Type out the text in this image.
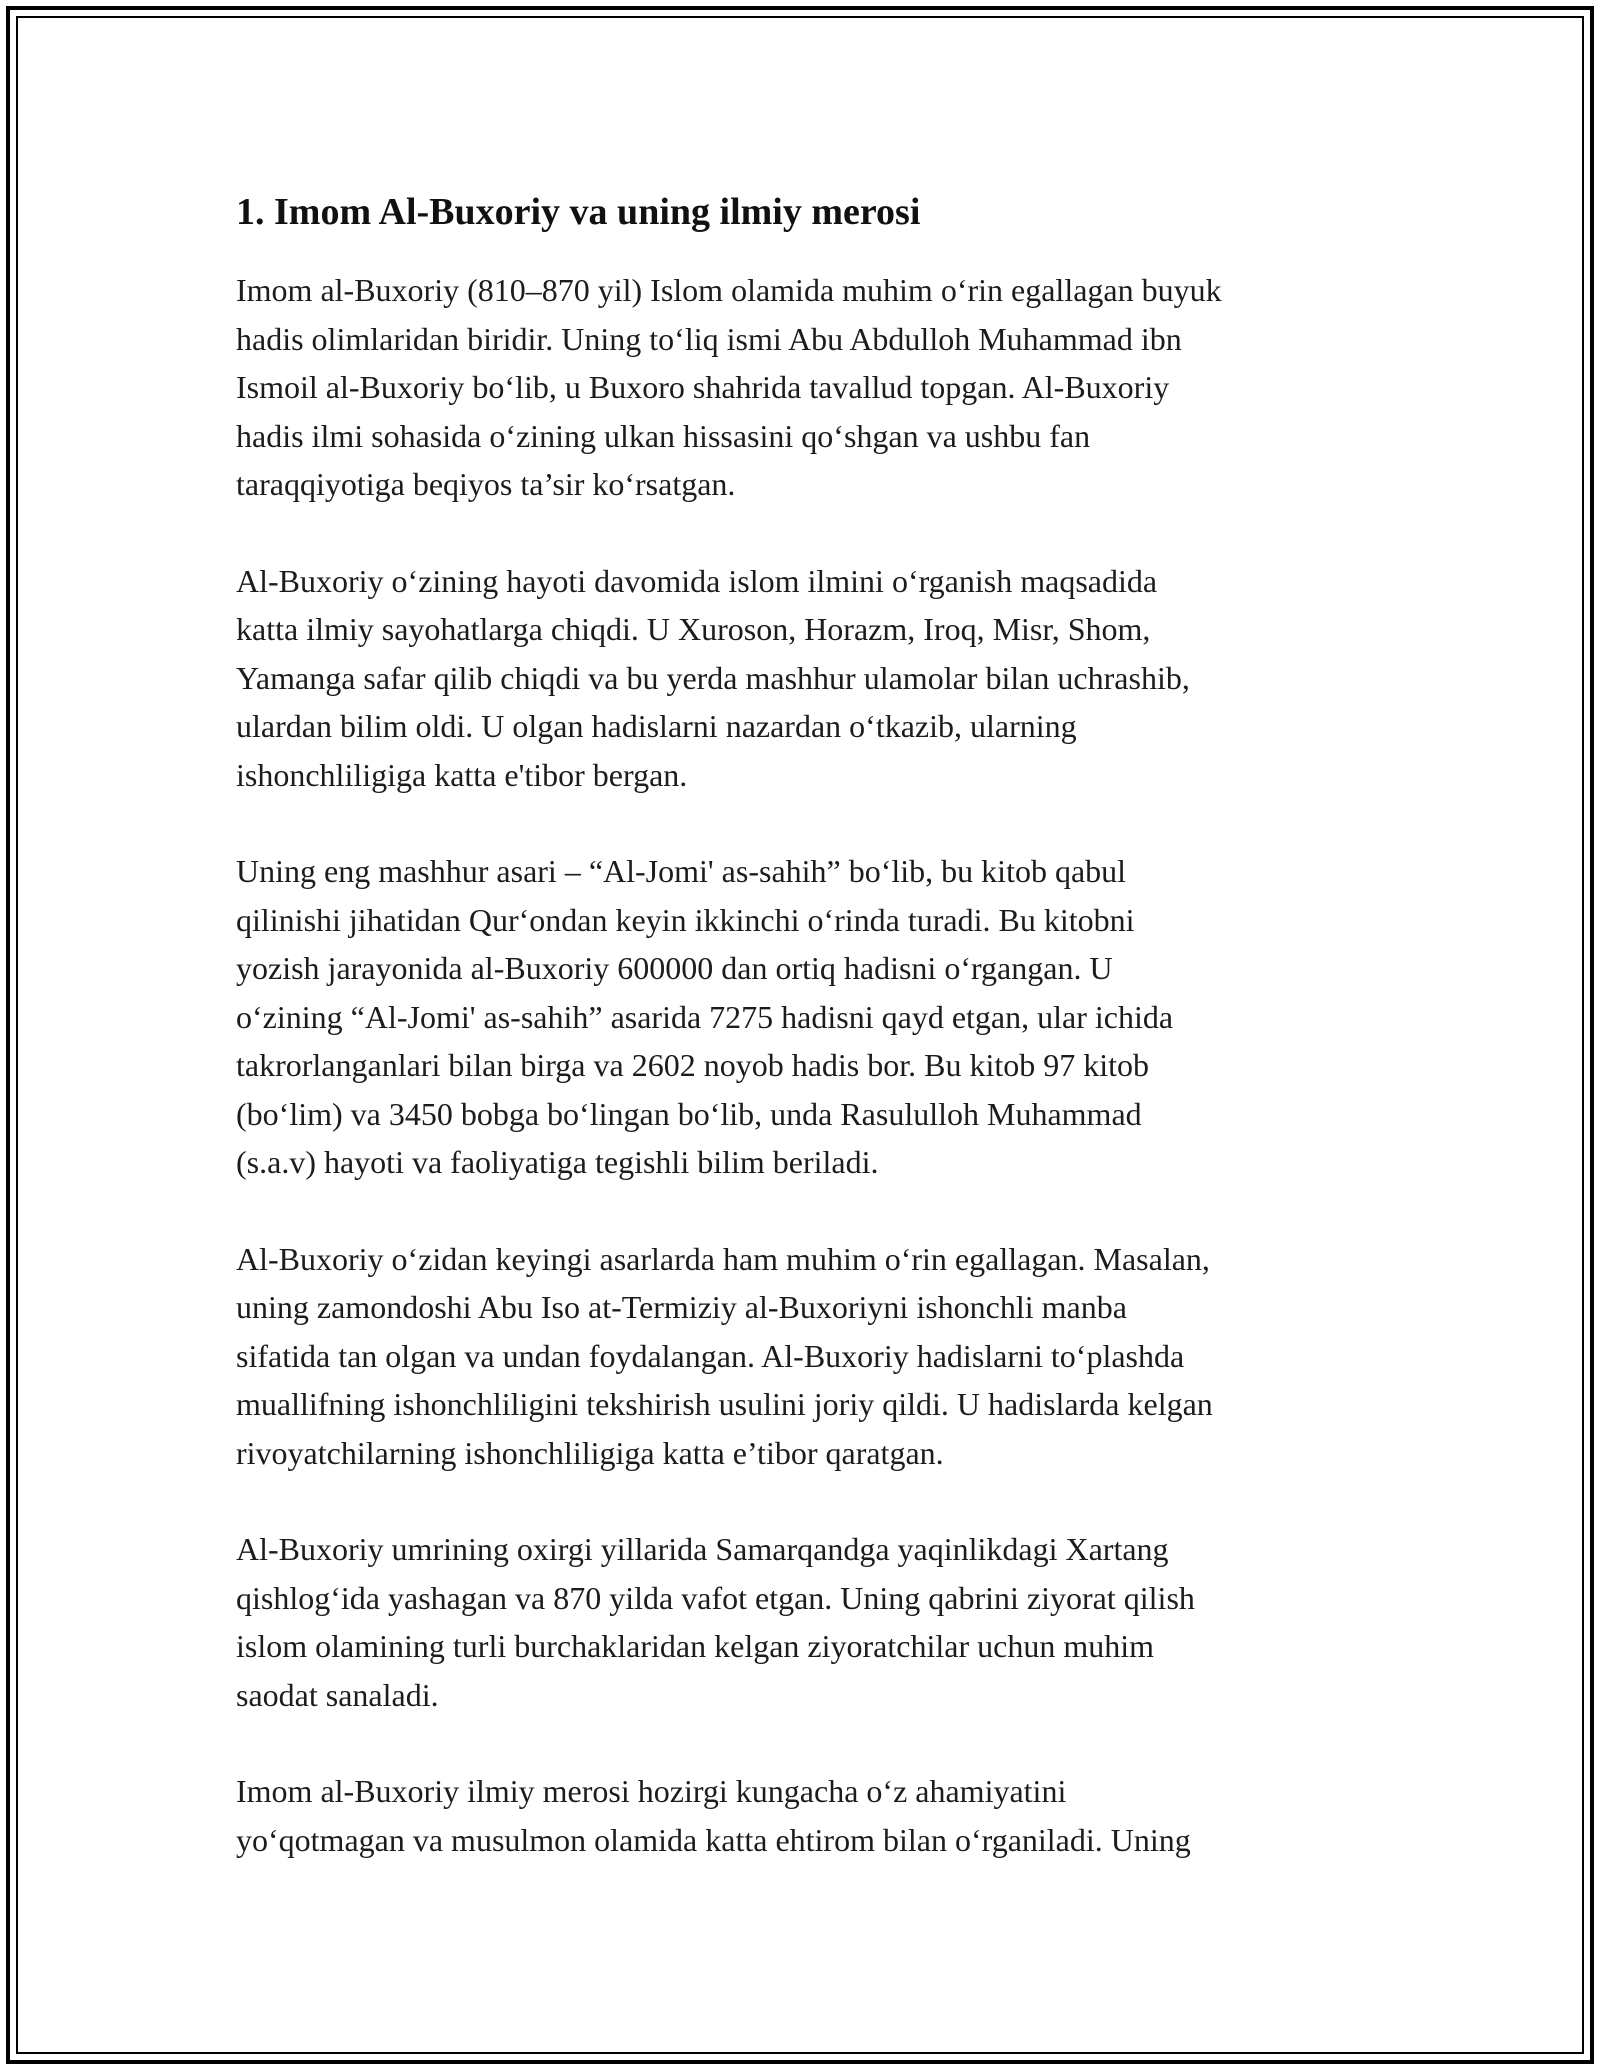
1. Imom Al-Buxoriy va uning ilmiy merosi

Imom al-Buxoriy (810–870 yil) Islom olamida muhim o‘rin egallagan buyuk
hadis olimlaridan biridir. Uning to‘liq ismi Abu Abdulloh Muhammad ibn
Ismoil al-Buxoriy bo‘lib, u Buxoro shahrida tavallud topgan. Al-Buxoriy
hadis ilmi sohasida o‘zining ulkan hissasini qo‘shgan va ushbu fan
taraqqiyotiga beqiyos ta’sir ko‘rsatgan.

Al-Buxoriy o‘zining hayoti davomida islom ilmini o‘rganish maqsadida
katta ilmiy sayohatlarga chiqdi. U Xuroson, Horazm, Iroq, Misr, Shom,
Yamanga safar qilib chiqdi va bu yerda mashhur ulamolar bilan uchrashib,
ulardan bilim oldi. U olgan hadislarni nazardan o‘tkazib, ularning
ishonchliligiga katta e'tibor bergan.

Uning eng mashhur asari – “Al-Jomi' as-sahih” bo‘lib, bu kitob qabul
qilinishi jihatidan Qur‘ondan keyin ikkinchi o‘rinda turadi. Bu kitobni
yozish jarayonida al-Buxoriy 600000 dan ortiq hadisni o‘rgangan. U
o‘zining “Al-Jomi' as-sahih” asarida 7275 hadisni qayd etgan, ular ichida
takrorlanganlari bilan birga va 2602 noyob hadis bor. Bu kitob 97 kitob
(bo‘lim) va 3450 bobga bo‘lingan bo‘lib, unda Rasululloh Muhammad
(s.a.v) hayoti va faoliyatiga tegishli bilim beriladi.

Al-Buxoriy o‘zidan keyingi asarlarda ham muhim o‘rin egallagan. Masalan,
uning zamondoshi Abu Iso at-Termiziy al-Buxoriyni ishonchli manba
sifatida tan olgan va undan foydalangan. Al-Buxoriy hadislarni to‘plashda
muallifning ishonchliligini tekshirish usulini joriy qildi. U hadislarda kelgan
rivoyatchilarning ishonchliligiga katta e’tibor qaratgan.

Al-Buxoriy umrining oxirgi yillarida Samarqandga yaqinlikdagi Xartang
qishlog‘ida yashagan va 870 yilda vafot etgan. Uning qabrini ziyorat qilish
islom olamining turli burchaklaridan kelgan ziyoratchilar uchun muhim
saodat sanaladi.

Imom al-Buxoriy ilmiy merosi hozirgi kungacha o‘z ahamiyatini
yo‘qotmagan va musulmon olamida katta ehtirom bilan o‘rganiladi. Uning
